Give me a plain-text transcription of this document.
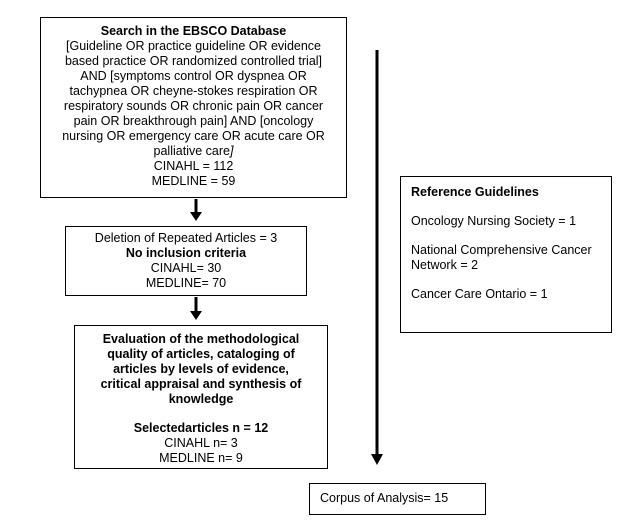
Search in the EBSCO Database
[Guideline OR practice guideline OR evidence
based practice OR randomized controlled trial]
AND [symptoms control OR dyspnea OR
tachypnea OR cheyne-stokes respiration OR
respiratory sounds OR chronic pain OR cancer
pain OR breakthrough pain] AND [oncology
nursing OR emergency care OR acute care OR
palliative care]
CINAHL = 112
MEDLINE = 59
Deletion of Repeated Articles = 3
No inclusion criteria
CINAHL= 30
MEDLINE= 70
Evaluation of the methodological
quality of articles, cataloging of
articles by levels of evidence,
critical appraisal and synthesis of
knowledge
Selectedarticles n = 12
CINAHL n= 3
MEDLINE n= 9
Reference Guidelines
Oncology Nursing Society = 1
National Comprehensive Cancer Network = 2
Cancer Care Ontario = 1
Corpus of Analysis= 15
